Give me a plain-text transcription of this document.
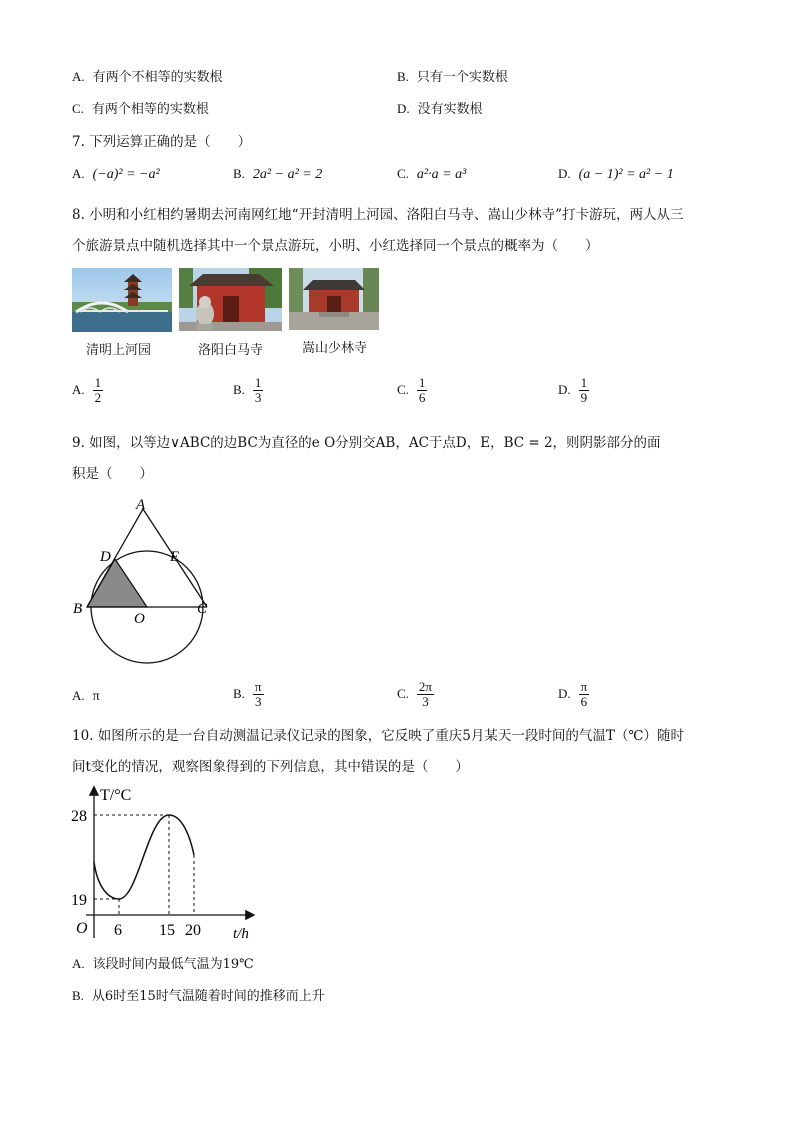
A. 有两个不相等的实数根	B. 只有一个实数根
C. 有两个相等的实数根	D. 没有实数根
7. 下列运算正确的是（　　）
A. (−a)² = −a²	B. 2a² − a² = 2	C. a²·a = a³	D. (a − 1)² = a² − 1
8. 小明和小红相约暑期去河南网红地“开封清明上河园、洛阳白马寺、嵩山少林寺”打卡游玩，两人从三
个旅游景点中随机选择其中一个景点游玩，小明、小红选择同一个景点的概率为（　　）
清明上河园	洛阳白马寺	嵩山少林寺
A. $\frac{1}{2}$	B. $\frac{1}{3}$	C. $\frac{1}{6}$	D. $\frac{1}{9}$
9. 如图，以等边∨ABC的边BC为直径的e O分别交AB，AC于点D，E，BC = 2，则阴影部分的面
积是（　　）
A
B	C
D	E
O
A. π	B. $\frac{\pi}{3}$	C. $\frac{2\pi}{3}$	D. $\frac{\pi}{6}$
10. 如图所示的是一台自动测温记录仪记录的图象，它反映了重庆5月某天一段时间的气温T（℃）随时
间t变化的情况，观察图象得到的下列信息，其中错误的是（　　）
T/°C
t/h
O
28
19
6 15 20
A. 该段时间内最低气温为19℃
B. 从6时至15时气温随着时间的推移而上升
